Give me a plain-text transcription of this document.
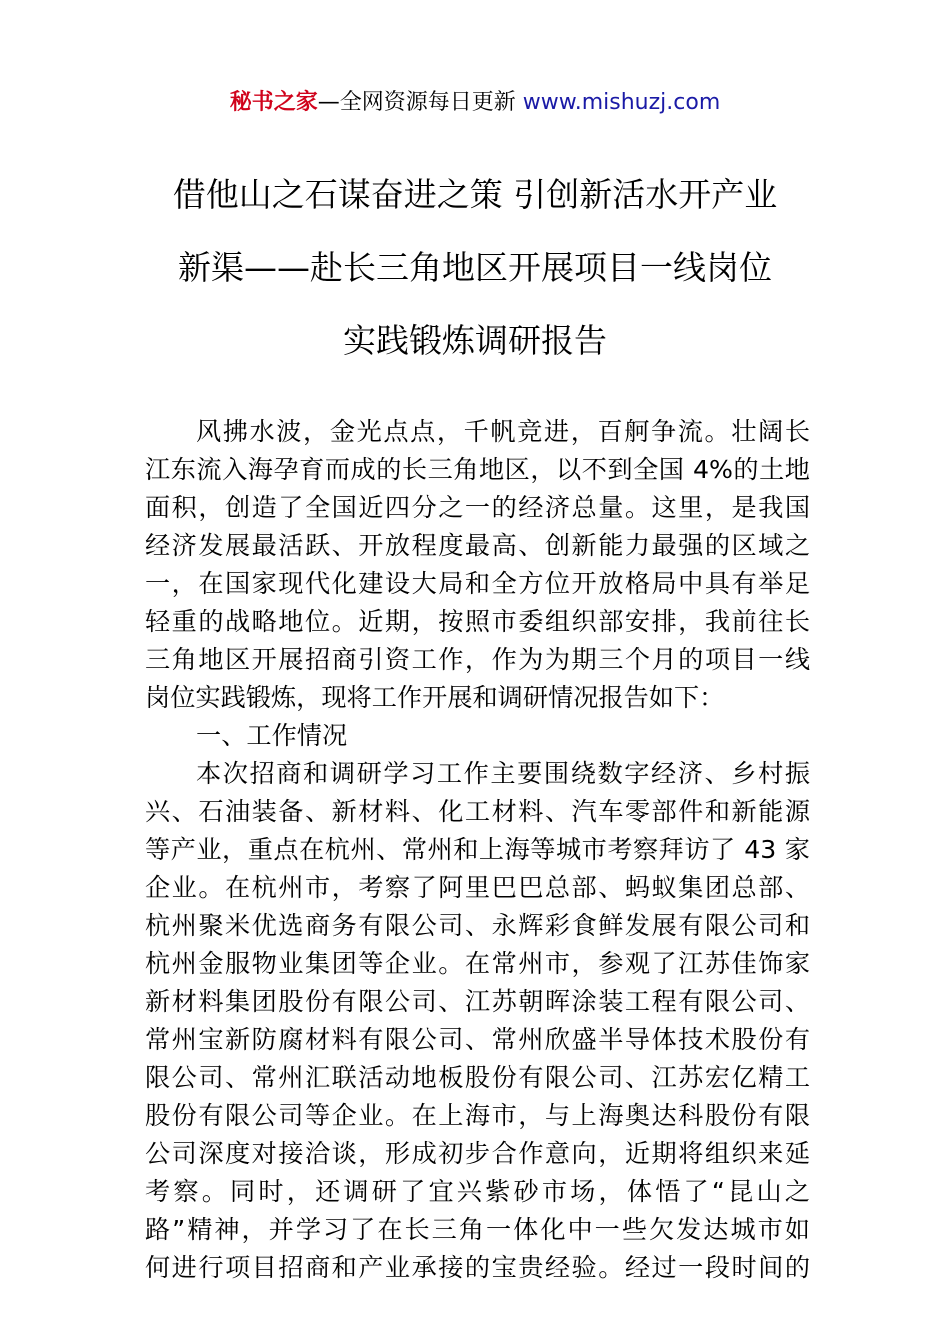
秘书之家—全网资源每日更新 www.mishuzj.com
借他山之石谋奋进之策 引创新活水开产业
新渠——赴长三角地区开展项目一线岗位
实践锻炼调研报告
风拂水波，金光点点，千帆竞进，百舸争流。壮阔长
江东流入海孕育而成的长三角地区，以不到全国 4%的土地
面积，创造了全国近四分之一的经济总量。这里，是我国
经济发展最活跃、开放程度最高、创新能力最强的区域之
一，在国家现代化建设大局和全方位开放格局中具有举足
轻重的战略地位。近期，按照市委组织部安排，我前往长
三角地区开展招商引资工作，作为为期三个月的项目一线
岗位实践锻炼，现将工作开展和调研情况报告如下：
一、工作情况
本次招商和调研学习工作主要围绕数字经济、乡村振
兴、石油装备、新材料、化工材料、汽车零部件和新能源
等产业，重点在杭州、常州和上海等城市考察拜访了 43 家
企业。在杭州市，考察了阿里巴巴总部、蚂蚁集团总部、
杭州聚米优选商务有限公司、永辉彩食鲜发展有限公司和
杭州金服物业集团等企业。在常州市，参观了江苏佳饰家
新材料集团股份有限公司、江苏朝晖涂装工程有限公司、
常州宝新防腐材料有限公司、常州欣盛半导体技术股份有
限公司、常州汇联活动地板股份有限公司、江苏宏亿精工
股份有限公司等企业。在上海市，与上海奥达科股份有限
公司深度对接洽谈，形成初步合作意向，近期将组织来延
考察。同时，还调研了宜兴紫砂市场，体悟了“昆山之
路”精神，并学习了在长三角一体化中一些欠发达城市如
何进行项目招商和产业承接的宝贵经验。经过一段时间的
